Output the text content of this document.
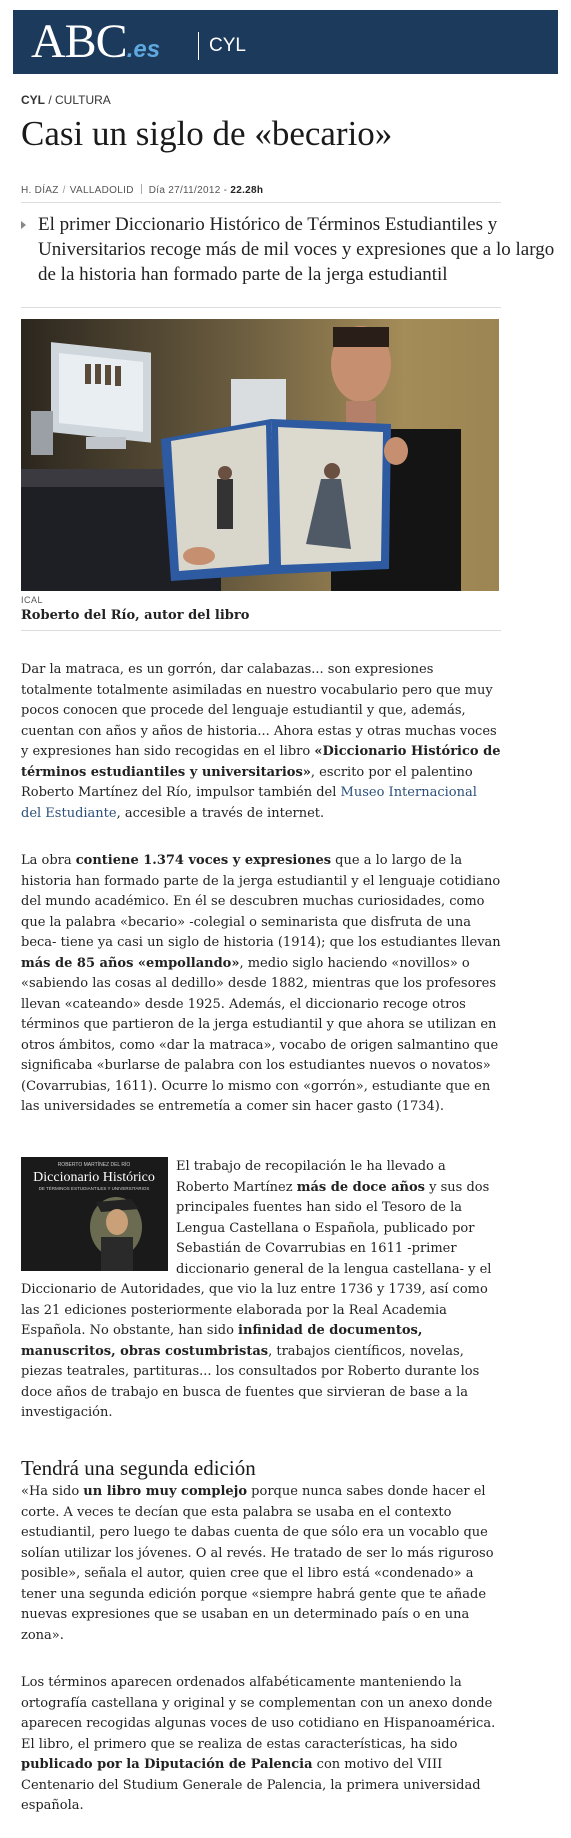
ABC.es	CYL
CYL / CULTURA
Casi un siglo de «becario»
H. DÍAZ / VALLADOLID Día 27/11/2012 - 22.28h

El primer Diccionario Histórico de Términos Estudiantiles y Universitarios recoge más de mil voces y expresiones que a lo largo de la historia han formado parte de la jerga estudiantil

ICAL
Roberto del Río, autor del libro

Dar la matraca, es un gorrón, dar calabazas... son expresiones totalmente totalmente asimiladas en nuestro vocabulario pero que muy pocos conocen que procede del lenguaje estudiantil y que, además, cuentan con años y años de historia... Ahora estas y otras muchas voces y expresiones han sido recogidas en el libro «Diccionario Histórico de términos estudiantiles y universitarios», escrito por el palentino Roberto Martínez del Río, impulsor también del Museo Internacional del Estudiante, accesible a través de internet.

La obra contiene 1.374 voces y expresiones que a lo largo de la historia han formado parte de la jerga estudiantil y el lenguaje cotidiano del mundo académico. En él se descubren muchas curiosidades, como que la palabra «becario» -colegial o seminarista que disfruta de una beca- tiene ya casi un siglo de historia (1914); que los estudiantes llevan más de 85 años «empollando», medio siglo haciendo «novillos» o «sabiendo las cosas al dedillo» desde 1882, mientras que los profesores llevan «cateando» desde 1925. Además, el diccionario recoge otros términos que partieron de la jerga estudiantil y que ahora se utilizan en otros ámbitos, como «dar la matraca», vocabo de origen salmantino que significaba «burlarse de palabra con los estudiantes nuevos o novatos» (Covarrubias, 1611). Ocurre lo mismo con «gorrón», estudiante que en las universidades se entremetía a comer sin hacer gasto (1734).

ROBERTO MARTÍNEZ DEL RÍO
Diccionario Histórico
DE TÉRMINOS ESTUDIANTILES Y UNIVERSITARIOS

El trabajo de recopilación le ha llevado a Roberto Martínez más de doce años y sus dos principales fuentes han sido el Tesoro de la Lengua Castellana o Española, publicado por Sebastián de Covarrubias en 1611 -primer diccionario general de la lengua castellana- y el Diccionario de Autoridades, que vio la luz entre 1736 y 1739, así como las 21 ediciones posteriormente elaborada por la Real Academia Española. No obstante, han sido infinidad de documentos, manuscritos, obras costumbristas, trabajos científicos, novelas, piezas teatrales, partituras... los consultados por Roberto durante los doce años de trabajo en busca de fuentes que sirvieran de base a la investigación.

Tendrá una segunda edición

«Ha sido un libro muy complejo porque nunca sabes donde hacer el corte. A veces te decían que esta palabra se usaba en el contexto estudiantil, pero luego te dabas cuenta de que sólo era un vocablo que solían utilizar los jóvenes. O al revés. He tratado de ser lo más riguroso posible», señala el autor, quien cree que el libro está «condenado» a tener una segunda edición porque «siempre habrá gente que te añade nuevas expresiones que se usaban en un determinado país o en una zona».

Los términos aparecen ordenados alfabéticamente manteniendo la ortografía castellana y original y se complementan con un anexo donde aparecen recogidas algunas voces de uso cotidiano en Hispanoamérica. El libro, el primero que se realiza de estas características, ha sido publicado por la Diputación de Palencia con motivo del VIII Centenario del Studium Generale de Palencia, la primera universidad española.
